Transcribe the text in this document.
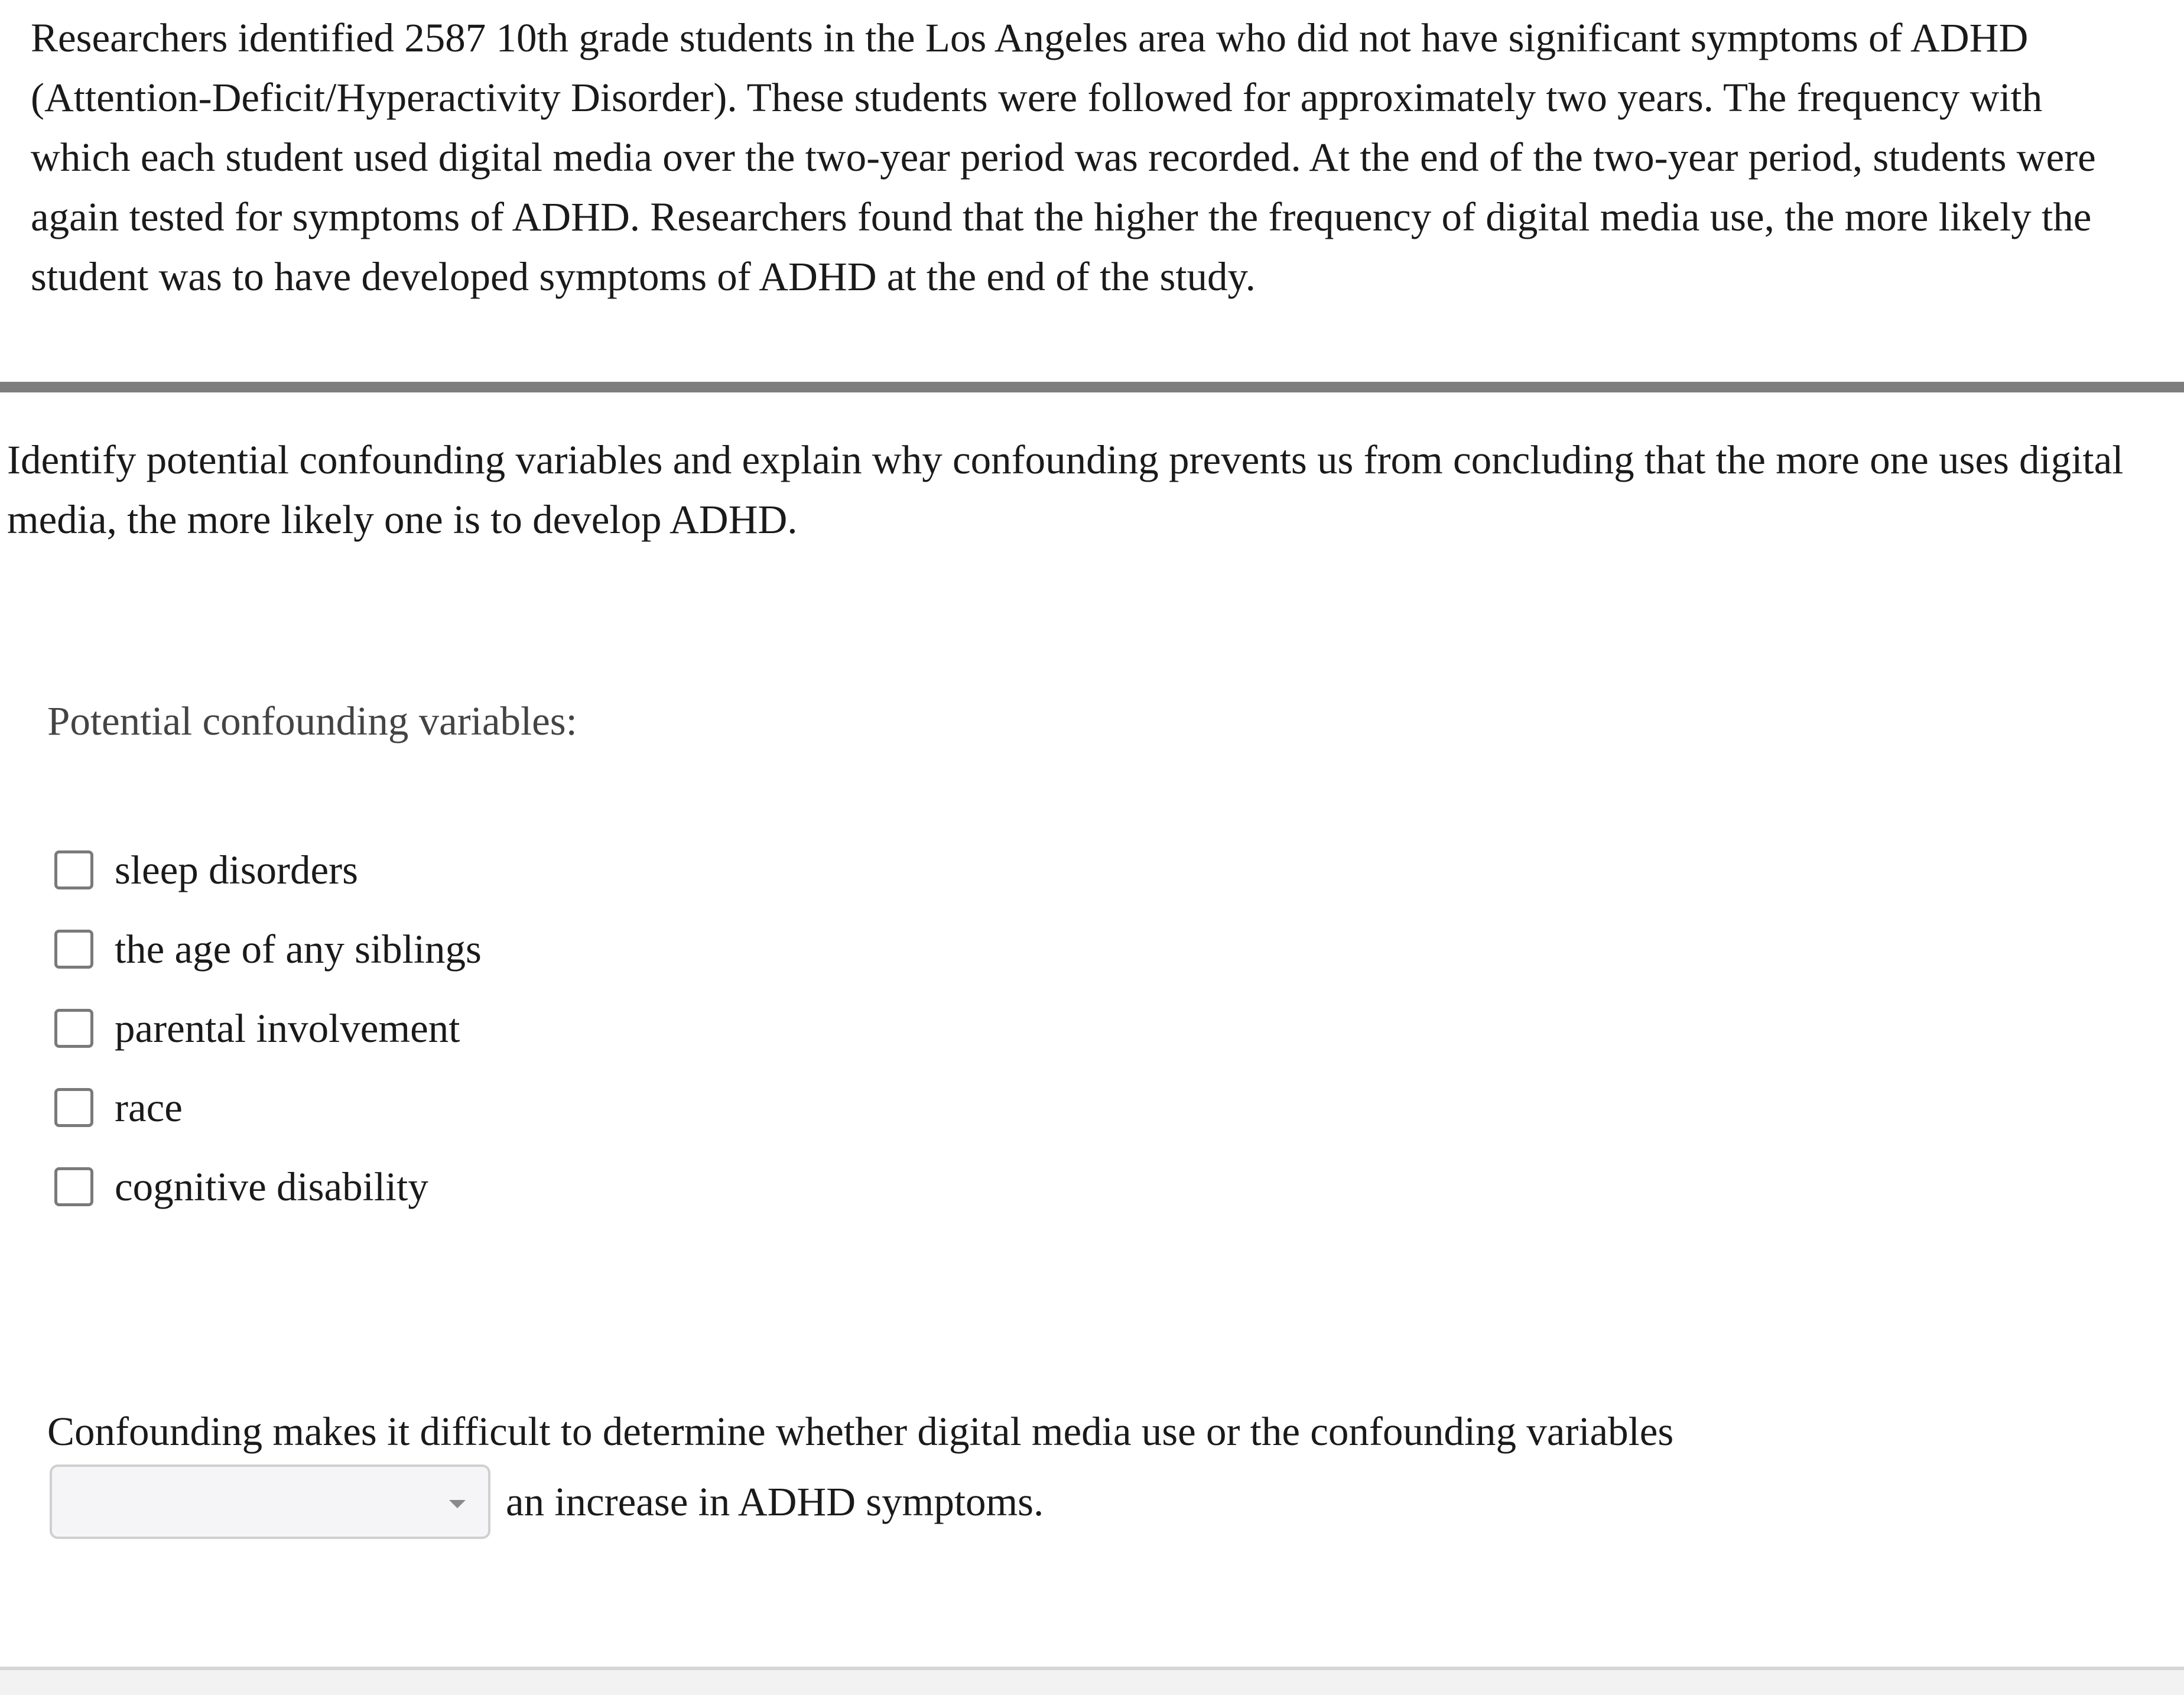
Researchers identified 2587 10th grade students in the Los Angeles area who did not have significant symptoms of ADHD (Attention-Deficit/Hyperactivity Disorder). These students were followed for approximately two years. The frequency with which each student used digital media over the two-year period was recorded. At the end of the two-year period, students were again tested for symptoms of ADHD. Researchers found that the higher the frequency of digital media use, the more likely the student was to have developed symptoms of ADHD at the end of the study.

Identify potential confounding variables and explain why confounding prevents us from concluding that the more one uses digital media, the more likely one is to develop ADHD.

Potential confounding variables:

sleep disorders
the age of any siblings
parental involvement
race
cognitive disability

Confounding makes it difficult to determine whether digital media use or the confounding variables

an increase in ADHD symptoms.
